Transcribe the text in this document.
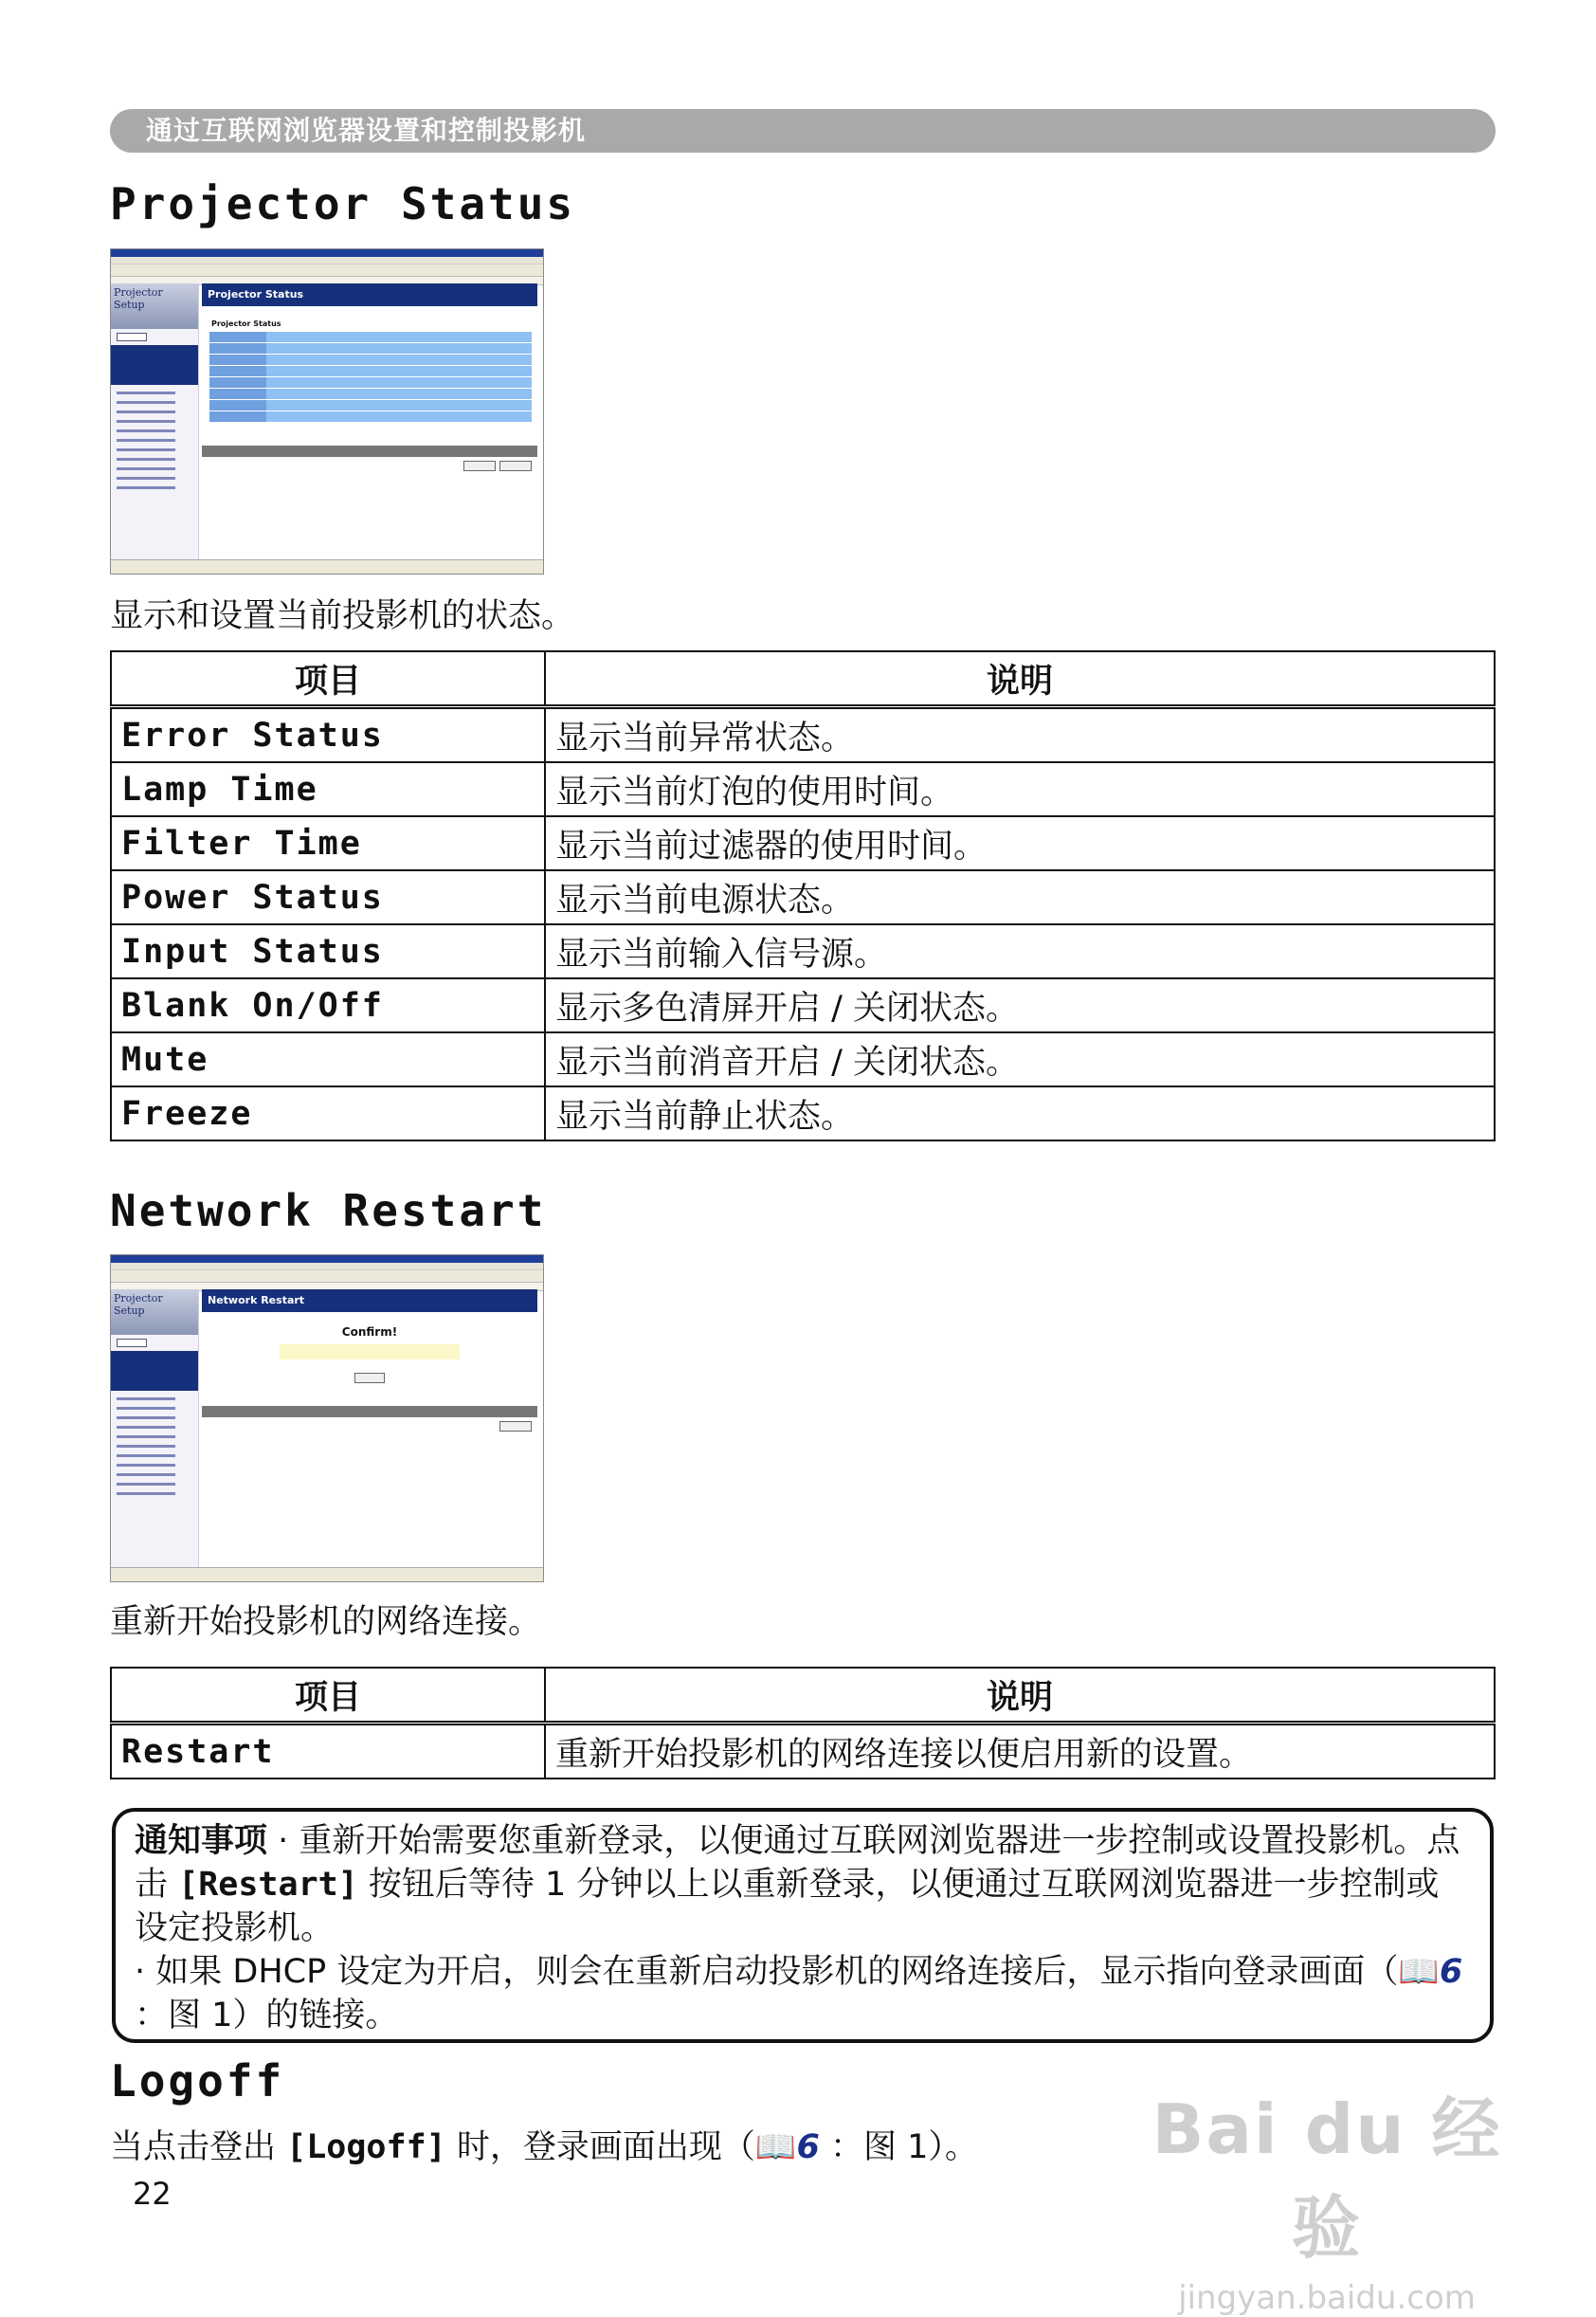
通过互联网浏览器设置和控制投影机
Projector Status
Projector Setup
Projector Status
Projector Status
显示和设置当前投影机的状态。
项目	说明
Error Status	显示当前异常状态。
Lamp Time	显示当前灯泡的使用时间。
Filter Time	显示当前过滤器的使用时间。
Power Status	显示当前电源状态。
Input Status	显示当前输入信号源。
Blank On/Off	显示多色清屏开启 / 关闭状态。
Mute	显示当前消音开启 / 关闭状态。
Freeze	显示当前静止状态。
Network Restart
Projector Setup
Network Restart
Confirm!
重新开始投影机的网络连接。
项目	说明
Restart	重新开始投影机的网络连接以便启用新的设置。
通知事项 · 重新开始需要您重新登录，以便通过互联网浏览器进一步控制或设置投影机。点击 [Restart] 按钮后等待 1 分钟以上以重新登录，以便通过互联网浏览器进一步控制或设定投影机。
· 如果 DHCP 设定为开启，则会在重新启动投影机的网络连接后，显示指向登录画面（📖6 ：图 1）的链接。
Logoff
当点击登出 [Logoff] 时，登录画面出现（📖6 ：图 1）。
22
Bai du 经验
jingyan.baidu.com
